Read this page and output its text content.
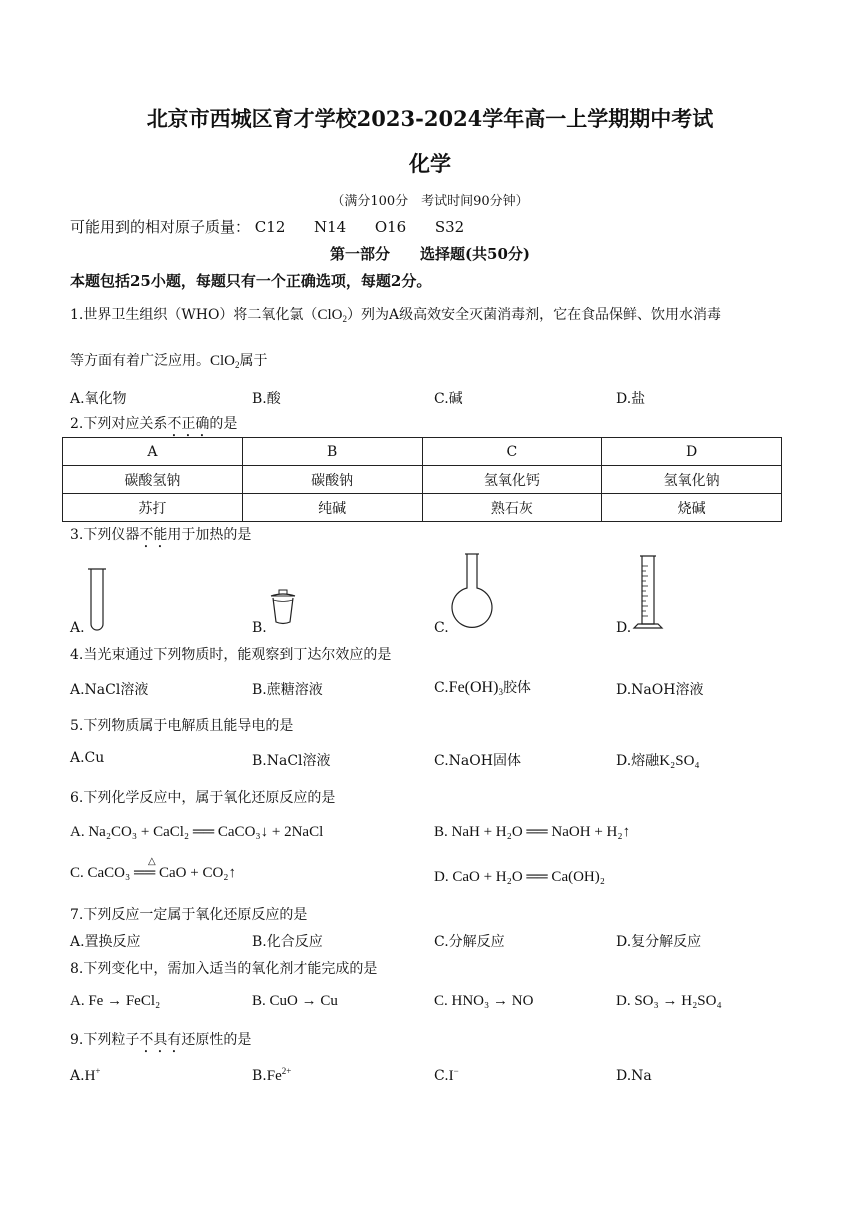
北京市西城区育才学校2023-2024学年高一上学期期中考试
化学
（满分100分　考试时间90分钟）
可能用到的相对原子质量： C12 N14 O16 S32
第一部分　　选择题(共50分)
本题包括25小题，每题只有一个正确选项，每题2分。
1.世界卫生组织（WHO）将二氧化氯（ClO$_2$）列为A级高效安全灭菌消毒剂，它在食品保鲜、饮用水消毒
等方面有着广泛应用。ClO$_2$属于
A.氧化物	B.酸	C.碱	D.盐
2.下列对应关系不正确的是
A	B	C	D
碳酸氢钠	碳酸钠	氢氧化钙	氢氧化钠
苏打	纯碱	熟石灰	烧碱
3.下列仪器不能用于加热的是
A.	B.	C.	D.
4.当光束通过下列物质时，能观察到丁达尔效应的是
A.NaCl溶液	B.蔗糖溶液	$C.Fe(OH)_3$胶体	D.NaOH溶液
5.下列物质属于电解质且能导电的是
A.Cu	B.NaCl溶液	C.NaOH固体	D.熔融K₂SO₄
6.下列化学反应中，属于氧化还原反应的是
A. Na₂CO₃ + CaCl₂ ══ CaCO₃↓ + 2NaCl	B. NaH + H₂O ══ NaOH + H₂↑
C. CaCO₃ ══ CaO + CO₂↑
△
D. CaO + H₂O ══ Ca(OH)₂
7.下列反应一定属于氧化还原反应的是
A.置换反应	B.化合反应	C.分解反应	D.复分解反应
8.下列变化中，需加入适当的氧化剂才能完成的是
A. Fe → FeCl₂	B. CuO → Cu	C. HNO₃ → NO	D. SO₃ → H₂SO₄
9.下列粒子不具有还原性的是
A.H+	$B.Fe^{2+}$	C.I−	D.Na
